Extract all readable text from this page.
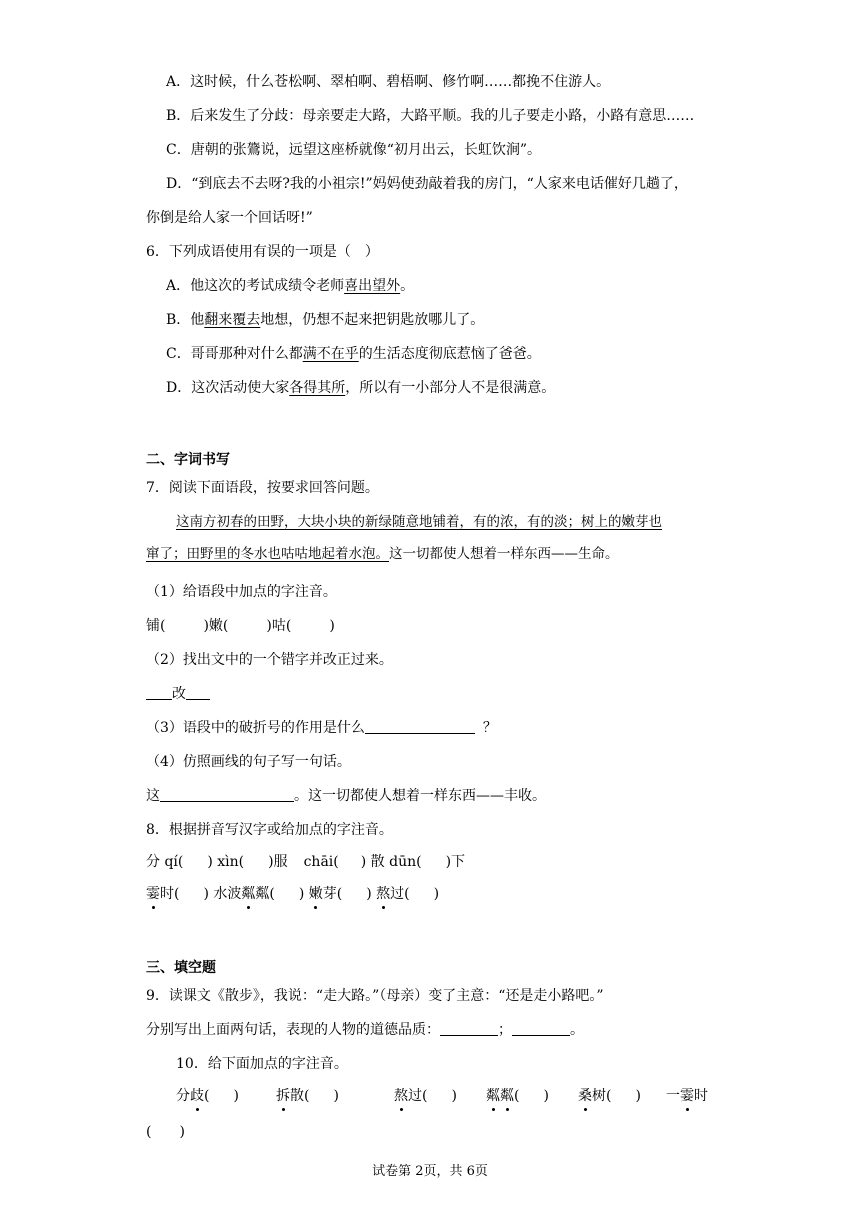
A．这时候，什么苍松啊、翠柏啊、碧梧啊、修竹啊……都挽不住游人。
B．后来发生了分歧：母亲要走大路，大路平顺。我的儿子要走小路，小路有意思……
C．唐朝的张鷟说，远望这座桥就像“初月出云，长虹饮涧”。
D．“到底去不去呀?我的小祖宗!”妈妈使劲敲着我的房门，“人家来电话催好几趟了，
你倒是给人家一个回话呀!”
6．下列成语使用有误的一项是（　）
A．他这次的考试成绩令老师喜出望外。
B．他翻来覆去地想，仍想不起来把钥匙放哪儿了。
C．哥哥那种对什么都满不在乎的生活态度彻底惹恼了爸爸。
D．这次活动使大家各得其所，所以有一小部分人不是很满意。
二、字词书写
7．阅读下面语段，按要求回答问题。
这南方初春的田野，大块小块的新绿随意地铺着，有的浓，有的淡；树上的嫩芽也
窜了；田野里的冬水也咕咕地起着水泡。这一切都使人想着一样东西——生命。
（1）给语段中加点的字注音。
铺(	)嫩(	)咕(	)
（2）找出文中的一个错字并改正过来。
改
（3）语段中的破折号的作用是什么	？
（4）仿照画线的句子写一句话。
这	。这一切都使人想着一样东西——丰收。
8．根据拼音写汉字或给加点的字注音。
分 qí( ) xìn( )服 chāi( ) 散 dūn( )下
霎时( ) 水波粼粼( ) 嫩芽( ) 熬过( )
三、填空题
9．读课文《散步》，我说：“走大路。”（母亲）变了主意：“还是走小路吧。”
分别写出上面两句话，表现的人物的道德品质：	；	。
10．给下面加点的字注音。
分歧( )	拆散( )	熬过( ) 粼粼( ) 桑树( ) 一霎时
(　　)
试卷第 2页，共 6页
